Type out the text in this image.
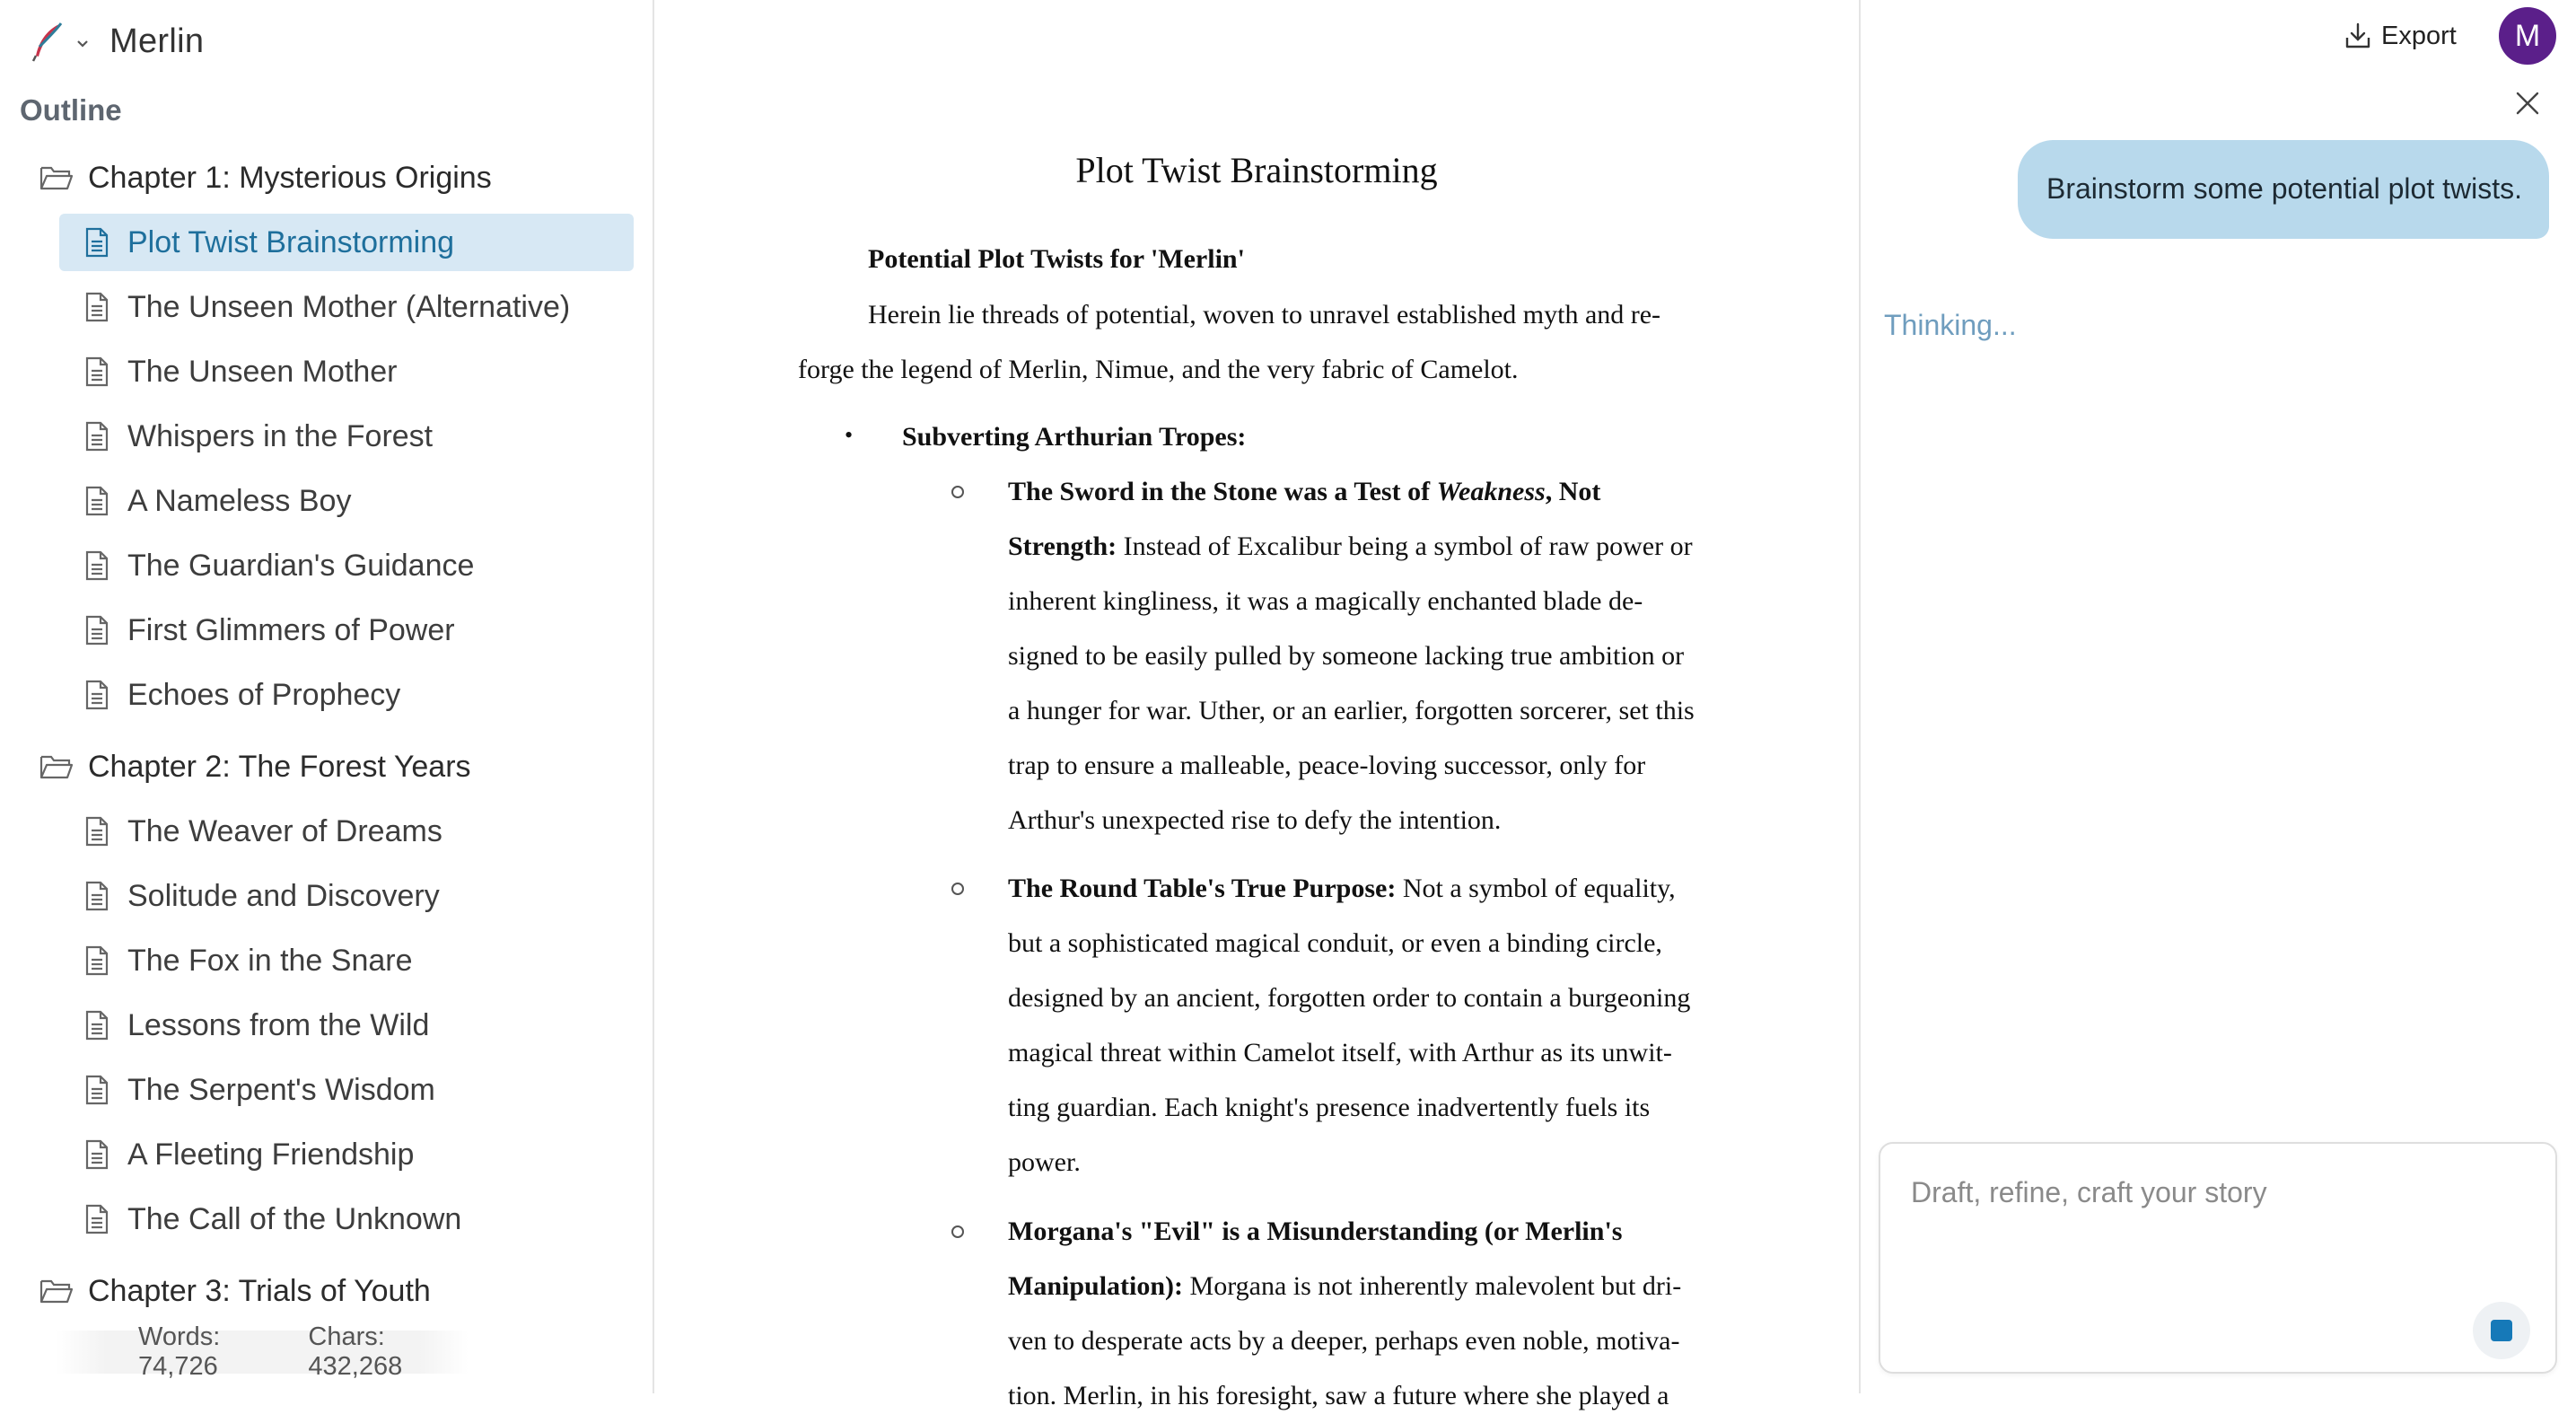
Merlin
Outline
Chapter 1: Mysterious Origins
Plot Twist Brainstorming
The Unseen Mother (Alternative)
The Unseen Mother
Whispers in the Forest
A Nameless Boy
The Guardian's Guidance
First Glimmers of Power
Echoes of Prophecy
Chapter 2: The Forest Years
The Weaver of Dreams
Solitude and Discovery
The Fox in the Snare
Lessons from the Wild
The Serpent's Wisdom
A Fleeting Friendship
The Call of the Unknown
Chapter 3: Trials of Youth
Words: 74,726
Chars: 432,268
Plot Twist Brainstorming
Potential Plot Twists for 'Merlin'
Herein lie threads of potential, woven to unravel established myth and re-
forge the legend of Merlin, Nimue, and the very fabric of Camelot.
• Subverting Arthurian Tropes:
The Sword in the Stone was a Test of Weakness, Not
Strength: Instead of Excalibur being a symbol of raw power or
inherent kingliness, it was a magically enchanted blade de-
signed to be easily pulled by someone lacking true ambition or
a hunger for war. Uther, or an earlier, forgotten sorcerer, set this
trap to ensure a malleable, peace-loving successor, only for
Arthur's unexpected rise to defy the intention.
The Round Table's True Purpose: Not a symbol of equality,
but a sophisticated magical conduit, or even a binding circle,
designed by an ancient, forgotten order to contain a burgeoning
magical threat within Camelot itself, with Arthur as its unwit-
ting guardian. Each knight's presence inadvertently fuels its
power.
Morgana's "Evil" is a Misunderstanding (or Merlin's
Manipulation): Morgana is not inherently malevolent but dri-
ven to desperate acts by a deeper, perhaps even noble, motiva-
tion. Merlin, in his foresight, saw a future where she played a
Export	M
Brainstorm some potential plot twists.
Thinking...
Draft, refine, craft your story
